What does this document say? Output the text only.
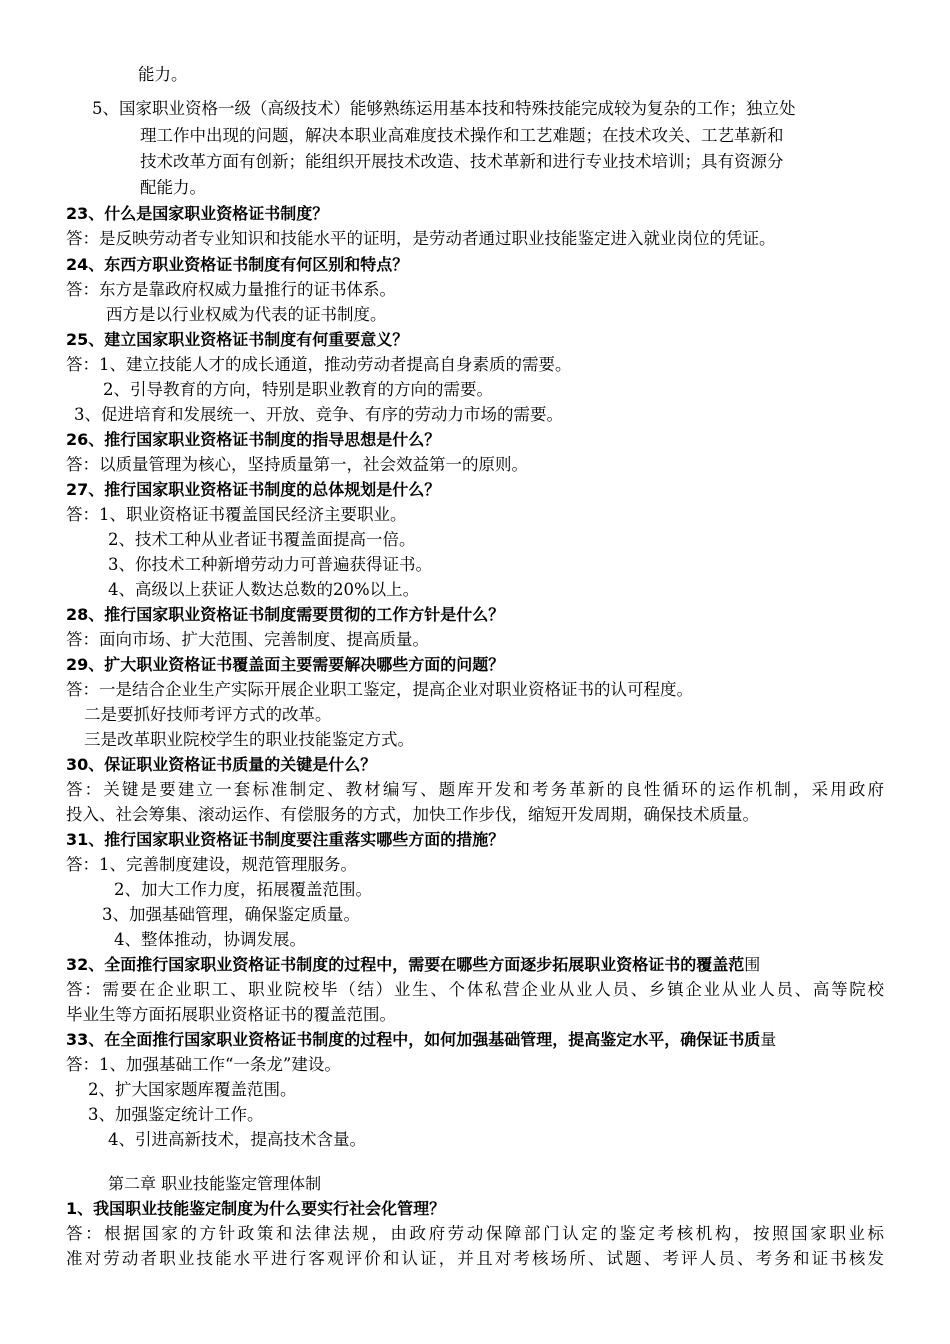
能力。
5、国家职业资格一级（高级技术）能够熟练运用基本技和特殊技能完成较为复杂的工作；独立处
理工作中出现的问题，解决本职业高难度技术操作和工艺难题；在技术攻关、工艺革新和
技术改革方面有创新；能组织开展技术改造、技术革新和进行专业技术培训；具有资源分
配能力。
23、什么是国家职业资格证书制度？
答：是反映劳动者专业知识和技能水平的证明，是劳动者通过职业技能鉴定进入就业岗位的凭证。
24、东西方职业资格证书制度有何区别和特点？
答：东方是靠政府权威力量推行的证书体系。
西方是以行业权威为代表的证书制度。
25、建立国家职业资格证书制度有何重要意义？
答：1、建立技能人才的成长通道，推动劳动者提高自身素质的需要。
2、引导教育的方向，特别是职业教育的方向的需要。
3、促进培育和发展统一、开放、竞争、有序的劳动力市场的需要。
26、推行国家职业资格证书制度的指导思想是什么？
答：以质量管理为核心，坚持质量第一，社会效益第一的原则。
27、推行国家职业资格证书制度的总体规划是什么？
答：1、职业资格证书覆盖国民经济主要职业。
2、技术工种从业者证书覆盖面提高一倍。
3、你技术工种新增劳动力可普遍获得证书。
4、高级以上获证人数达总数的20%以上。
28、推行国家职业资格证书制度需要贯彻的工作方针是什么？
答：面向市场、扩大范围、完善制度、提高质量。
29、扩大职业资格证书覆盖面主要需要解决哪些方面的问题？
答：一是结合企业生产实际开展企业职工鉴定，提高企业对职业资格证书的认可程度。
二是要抓好技师考评方式的改革。
三是改革职业院校学生的职业技能鉴定方式。
30、保证职业资格证书质量的关键是什么？
答：关键是要建立一套标准制定、教材编写、题库开发和考务革新的良性循环的运作机制，采用政府
投入、社会筹集、滚动运作、有偿服务的方式，加快工作步伐，缩短开发周期，确保技术质量。
31、推行国家职业资格证书制度要注重落实哪些方面的措施？
答：1、完善制度建设，规范管理服务。
2、加大工作力度，拓展覆盖范围。
3、加强基础管理，确保鉴定质量。
4、整体推动，协调发展。
32、全面推行国家职业资格证书制度的过程中，需要在哪些方面逐步拓展职业资格证书的覆盖范围
答：需要在企业职工、职业院校毕（结）业生、个体私营企业从业人员、乡镇企业从业人员、高等院校
毕业生等方面拓展职业资格证书的覆盖范围。
33、在全面推行国家职业资格证书制度的过程中，如何加强基础管理，提高鉴定水平，确保证书质量
答：1、加强基础工作“一条龙”建设。
2、扩大国家题库覆盖范围。
3、加强鉴定统计工作。
4、引进高新技术，提高技术含量。
第二章 职业技能鉴定管理体制
1、我国职业技能鉴定制度为什么要实行社会化管理？
答：根据国家的方针政策和法律法规，由政府劳动保障部门认定的鉴定考核机构，按照国家职业标
准对劳动者职业技能水平进行客观评价和认证，并且对考核场所、试题、考评人员、考务和证书核发
